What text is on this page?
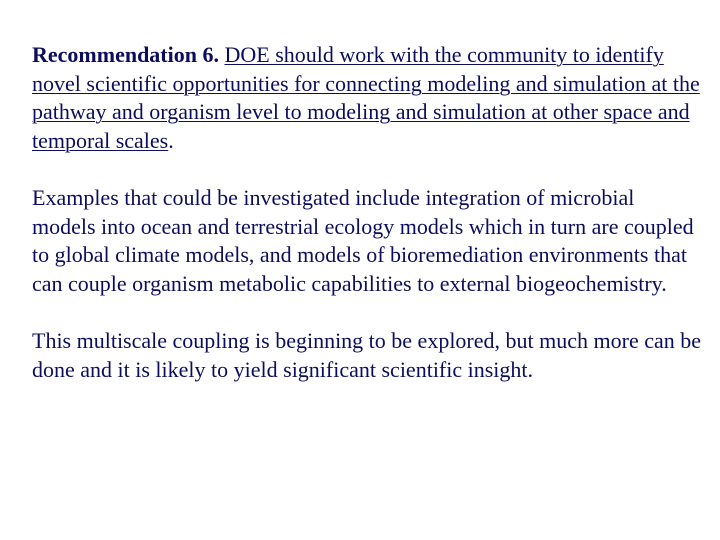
Recommendation 6. DOE should work with the community to identify novel scientific opportunities for connecting modeling and simulation at the pathway and organism level to modeling and simulation at other space and temporal scales.

Examples that could be investigated include integration of microbial models into ocean and terrestrial ecology models which in turn are coupled to global climate models, and models of bioremediation environments that can couple organism metabolic capabilities to external biogeochemistry.

This multiscale coupling is beginning to be explored, but much more can be done and it is likely to yield significant scientific insight.
